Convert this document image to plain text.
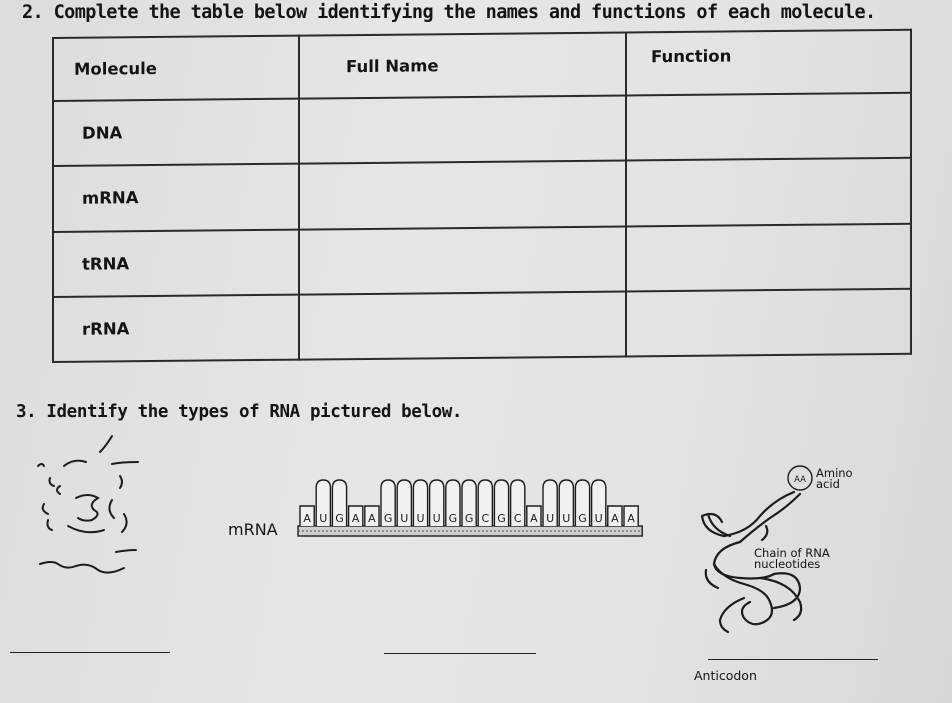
2. Complete the table below identifying the names and functions of each molecule.
Molecule	Full Name	Function
DNA		
mRNA		
tRNA		
rRNA		
3. Identify the types of RNA pictured below.
mRNA
A U G A A G U U U G G C G C A U U G U A A
AA Amino
acid
Chain of RNA
nucleotides
Anticodon
